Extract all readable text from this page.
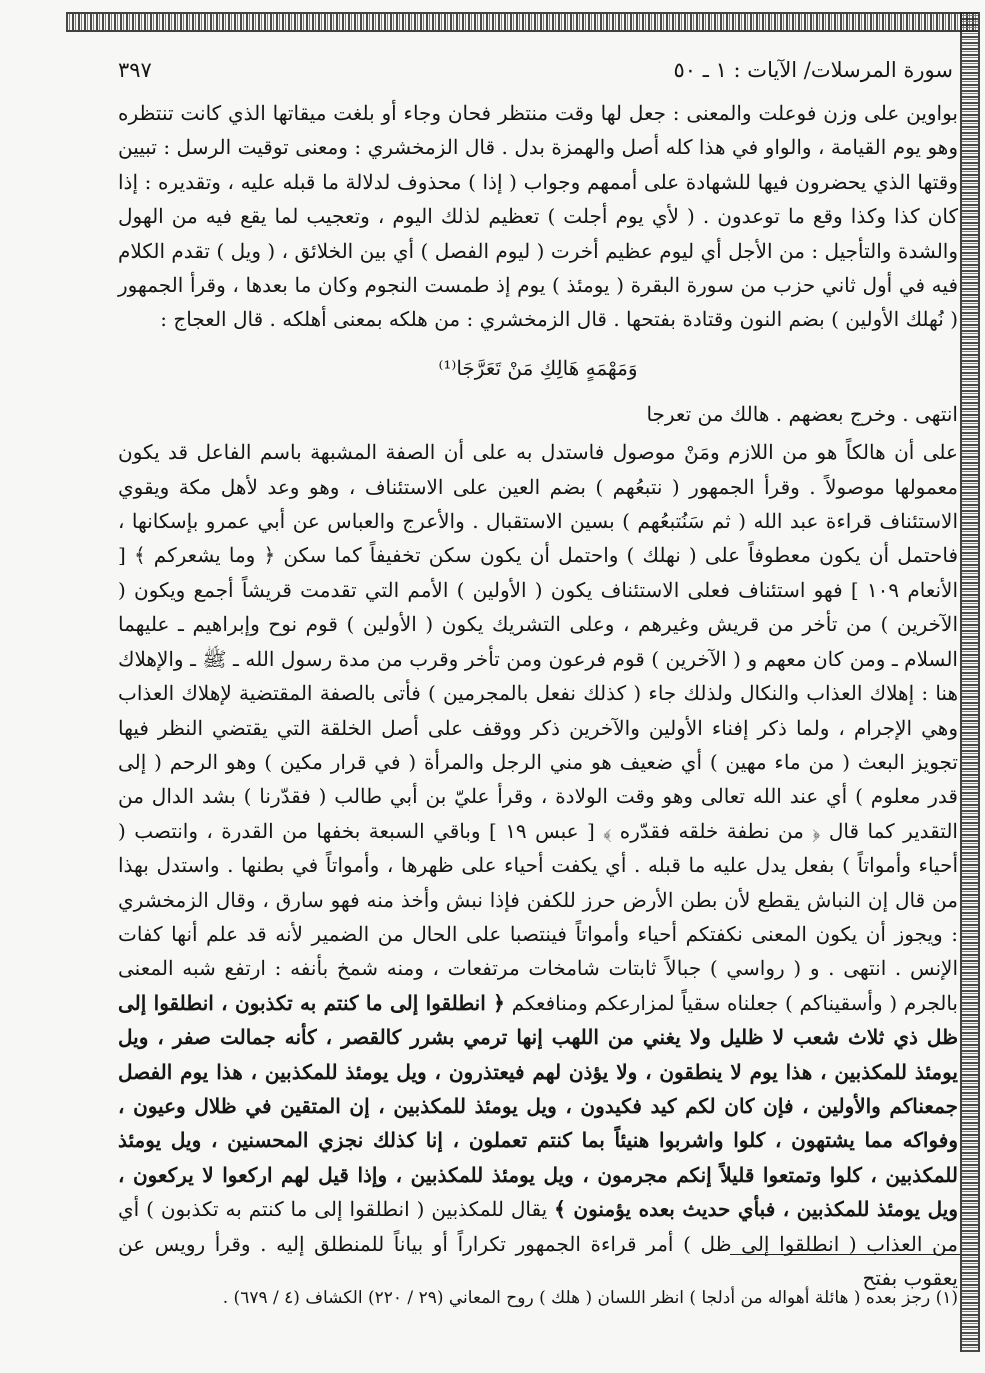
سورة المرسلات/ الآيات : ١ ـ ٥٠
٣٩٧

بواوين على وزن فوعلت والمعنى : جعل لها وقت منتظر فحان وجاء أو بلغت ميقاتها الذي كانت تنتظره وهو يوم القيامة ، والواو في هذا كله أصل والهمزة بدل . قال الزمخشري : ومعنى توقيت الرسل : تبيين وقتها الذي يحضرون فيها للشهادة على أممهم وجواب ( إذا ) محذوف لدلالة ما قبله عليه ، وتقديره : إذا كان كذا وكذا وقع ما توعدون . ( لأي يوم أجلت ) تعظيم لذلك اليوم ، وتعجيب لما يقع فيه من الهول والشدة والتأجيل : من الأجل أي ليوم عظيم أخرت ( ليوم الفصل ) أي بين الخلائق ، ( ويل ) تقدم الكلام فيه في أول ثاني حزب من سورة البقرة ( يومئذ ) يوم إذ طمست النجوم وكان ما بعدها ، وقرأ الجمهور ( نُهلك الأولين ) بضم النون وقتادة بفتحها . قال الزمخشري : من هلكه بمعنى أهلكه . قال العجاج :

وَمَهْمَهٍ هَالِكِ مَنْ تَعَرَّجَا⁽¹⁾

انتهى . وخرج بعضهم . هالك من تعرجا

على أن هالكاً هو من اللازم ومَنْ موصول فاستدل به على أن الصفة المشبهة باسم الفاعل قد يكون معمولها موصولاً . وقرأ الجمهور ( نتبعُهم ) بضم العين على الاستئناف ، وهو وعد لأهل مكة ويقوي الاستئناف قراءة عبد الله ( ثم سَنُتبعُهم ) بسين الاستقبال . والأعرج والعباس عن أبي عمرو بإسكانها ، فاحتمل أن يكون معطوفاً على ( نهلك ) واحتمل أن يكون سكن تخفيفاً كما سكن ﴿ وما يشعركم ﴾ [ الأنعام ١٠٩ ] فهو استئناف فعلى الاستئناف يكون ( الأولين ) الأمم التي تقدمت قريشاً أجمع ويكون ( الآخرين ) من تأخر من قريش وغيرهم ، وعلى التشريك يكون ( الأولين ) قوم نوح وإبراهيم ـ عليهما السلام ـ ومن كان معهم و ( الآخرين ) قوم فرعون ومن تأخر وقرب من مدة رسول الله ـ ﷺ ـ والإهلاك هنا : إهلاك العذاب والنكال ولذلك جاء ( كذلك نفعل بالمجرمين ) فأتى بالصفة المقتضية لإهلاك العذاب وهي الإجرام ، ولما ذكر إفناء الأولين والآخرين ذكر ووقف على أصل الخلقة التي يقتضي النظر فيها تجويز البعث ( من ماء مهين ) أي ضعيف هو مني الرجل والمرأة ( في قرار مكين ) وهو الرحم ( إلى قدر معلوم ) أي عند الله تعالى وهو وقت الولادة ، وقرأ عليّ بن أبي طالب ( فقدّرنا ) بشد الدال من التقدير كما قال ﴿ من نطفة خلقه فقدّره ﴾ [ عبس ١٩ ] وباقي السبعة بخفها من القدرة ، وانتصب ( أحياء وأمواتاً ) بفعل يدل عليه ما قبله . أي يكفت أحياء على ظهرها ، وأمواتاً في بطنها . واستدل بهذا من قال إن النباش يقطع لأن بطن الأرض حرز للكفن فإذا نبش وأخذ منه فهو سارق ، وقال الزمخشري : ويجوز أن يكون المعنى نكفتكم أحياء وأمواتاً فينتصبا على الحال من الضمير لأنه قد علم أنها كفات الإنس . انتهى . و ( رواسي ) جبالاً ثابتات شامخات مرتفعات ، ومنه شمخ بأنفه : ارتفع شبه المعنى بالجرم ( وأسقيناكم ) جعلناه سقياً لمزارعكم ومنافعكم ﴿ انطلقوا إلى ما كنتم به تكذبون ، انطلقوا إلى ظل ذي ثلاث شعب لا ظليل ولا يغني من اللهب إنها ترمي بشرر كالقصر ، كأنه جمالت صفر ، ويل يومئذ للمكذبين ، هذا يوم لا ينطقون ، ولا يؤذن لهم فيعتذرون ، ويل يومئذ للمكذبين ، هذا يوم الفصل جمعناكم والأولين ، فإن كان لكم كيد فكيدون ، ويل يومئذ للمكذبين ، إن المتقين في ظلال وعيون ، وفواكه مما يشتهون ، كلوا واشربوا هنيئاً بما كنتم تعملون ، إنا كذلك نجزي المحسنين ، ويل يومئذ للمكذبين ، كلوا وتمتعوا قليلاً إنكم مجرمون ، ويل يومئذ للمكذبين ، وإذا قيل لهم اركعوا لا يركعون ، ويل يومئذ للمكذبين ، فبأي حديث بعده يؤمنون ﴾ يقال للمكذبين ( انطلقوا إلى ما كنتم به تكذبون ) أي من العذاب ( انطلقوا إلى ظل ) أمر قراءة الجمهور تكراراً أو بياناً للمنطلق إليه . وقرأ رويس عن يعقوب بفتح

(١) رجز بعده ( هائلة أهواله من أدلجا ) انظر اللسان ( هلك ) روح المعاني (٢٩ / ٢٢٠) الكشاف (٤ / ٦٧٩) .
